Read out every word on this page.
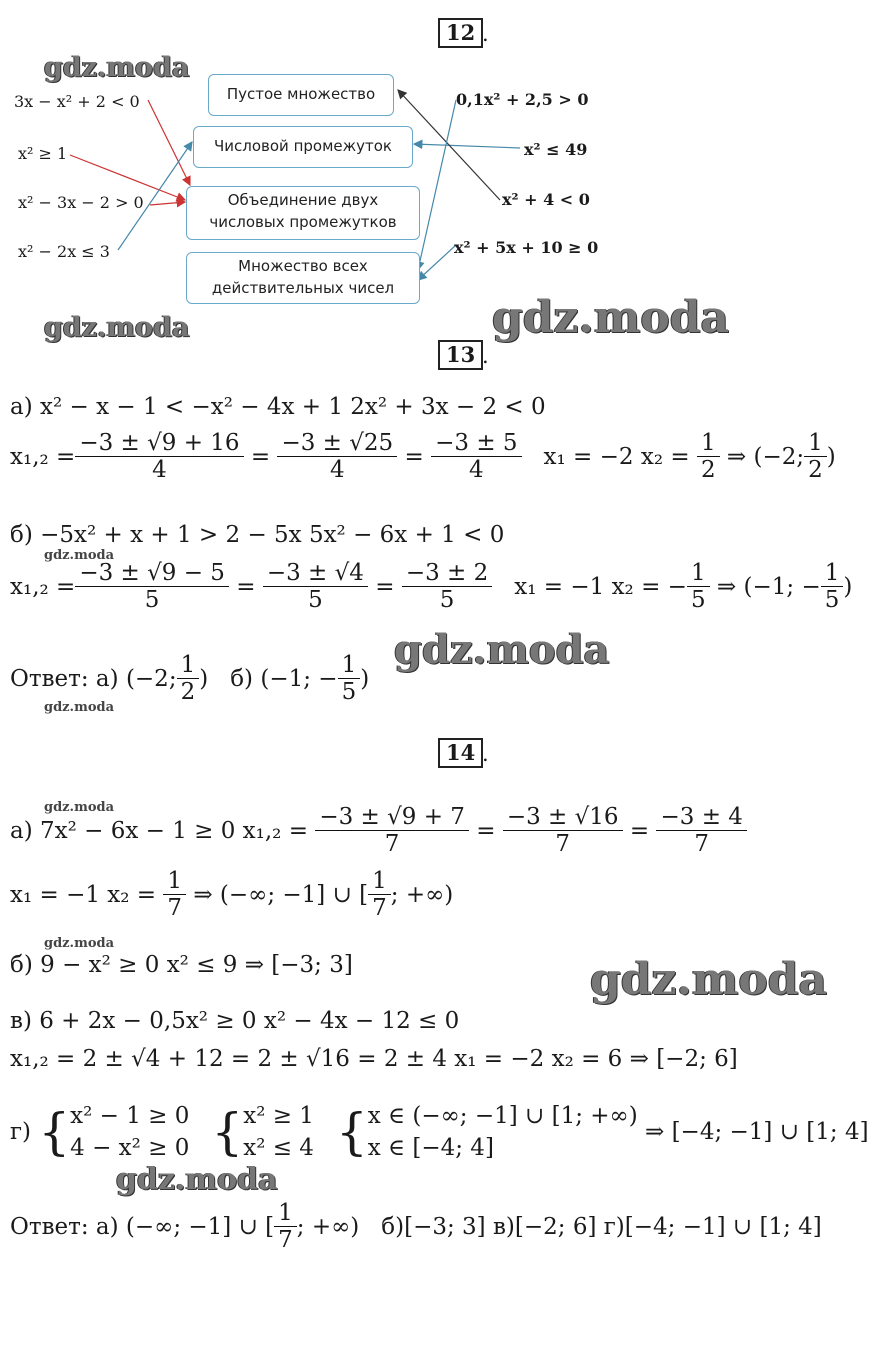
12 .
gdz.moda
Пустое множество
Числовой промежуток
Объединение двух
числовых промежутков
Множество всех
действительных чисел
3x − x² + 2 < 0
x² ≥ 1
x² − 3x − 2 > 0
x² − 2x ≤ 3
0,1x² + 2,5 > 0
x² ≤ 49
x² + 4 < 0
x² + 5x + 10 ≥ 0
gdz.moda	gdz.moda
13 .
а) x² − x − 1 < −x² − 4x + 1 2x² + 3x − 2 < 0
$x_1,_2 = \frac{-3 \pm √9 + 16}{4} = \frac{-3 \pm √25}{4} = \frac{-3 \pm 5}{4} x_1 = -2$ x₂ =
$\frac{1}{2}$ ⇒ (−2; $\frac{1}{2}$ )
б) −5x² + x + 1 > 2 − 5x 5x² − 6x + 1 < 0
gdz.moda
$x_1,_2 = \frac{-3 \pm √9 - 5}{5} = \frac{-3 \pm √4}{5} = \frac{-3 \pm 2}{5} x_1 = -1$ x₂ = − $\frac{1}{5}$ ⇒ (−1; − $\frac{1}{5}$ )
gdz.moda
Ответ: а)
(−2; $\frac{1}{2}$ ) б)
(−1; − $\frac{1}{5}$ )
gdz.moda
14 .
gdz.moda
а) 7x² − 6x − 1 ≥ 0 x₁,₂ =
$\frac{-3 \pm √9 + 7}{7} = \frac{-3 \pm √16}{7} = \frac{-3 \pm 4}{7}$
x₁ = −1 x₂ =
$\frac{1}{7}$
⇒ (−∞; −1] ∪
[ $\frac{1}{7}$ ; +∞ )
gdz.moda
б) 9 − x² ≥ 0 x² ≤ 9 ⇒ [−3; 3]	gdz.moda
в) 6 + 2x − 0,5x² ≥ 0 x² − 4x − 12 ≤ 0
x₁,₂ = 2 ± √4 + 12 = 2 ± √16 = 2 ± 4 x₁ = −2 x₂ = 6 ⇒ [−2; 6]
г)
{ x² − 1 ≥ 0
4 − x² ≥ 0 { x² ≥ 1
x² ≤ 4 { x ∈ (−∞; −1] ∪ [1; +∞)
x ∈ [−4; 4]

⇒ [−4; −1] ∪ [1; 4]
gdz.moda
Ответ: а) (−∞; −1] ∪
[ $\frac{1}{7}$ ; +∞ ) б)[−3; 3] в)[−2; 6] г)[−4; −1] ∪ [1; 4]
